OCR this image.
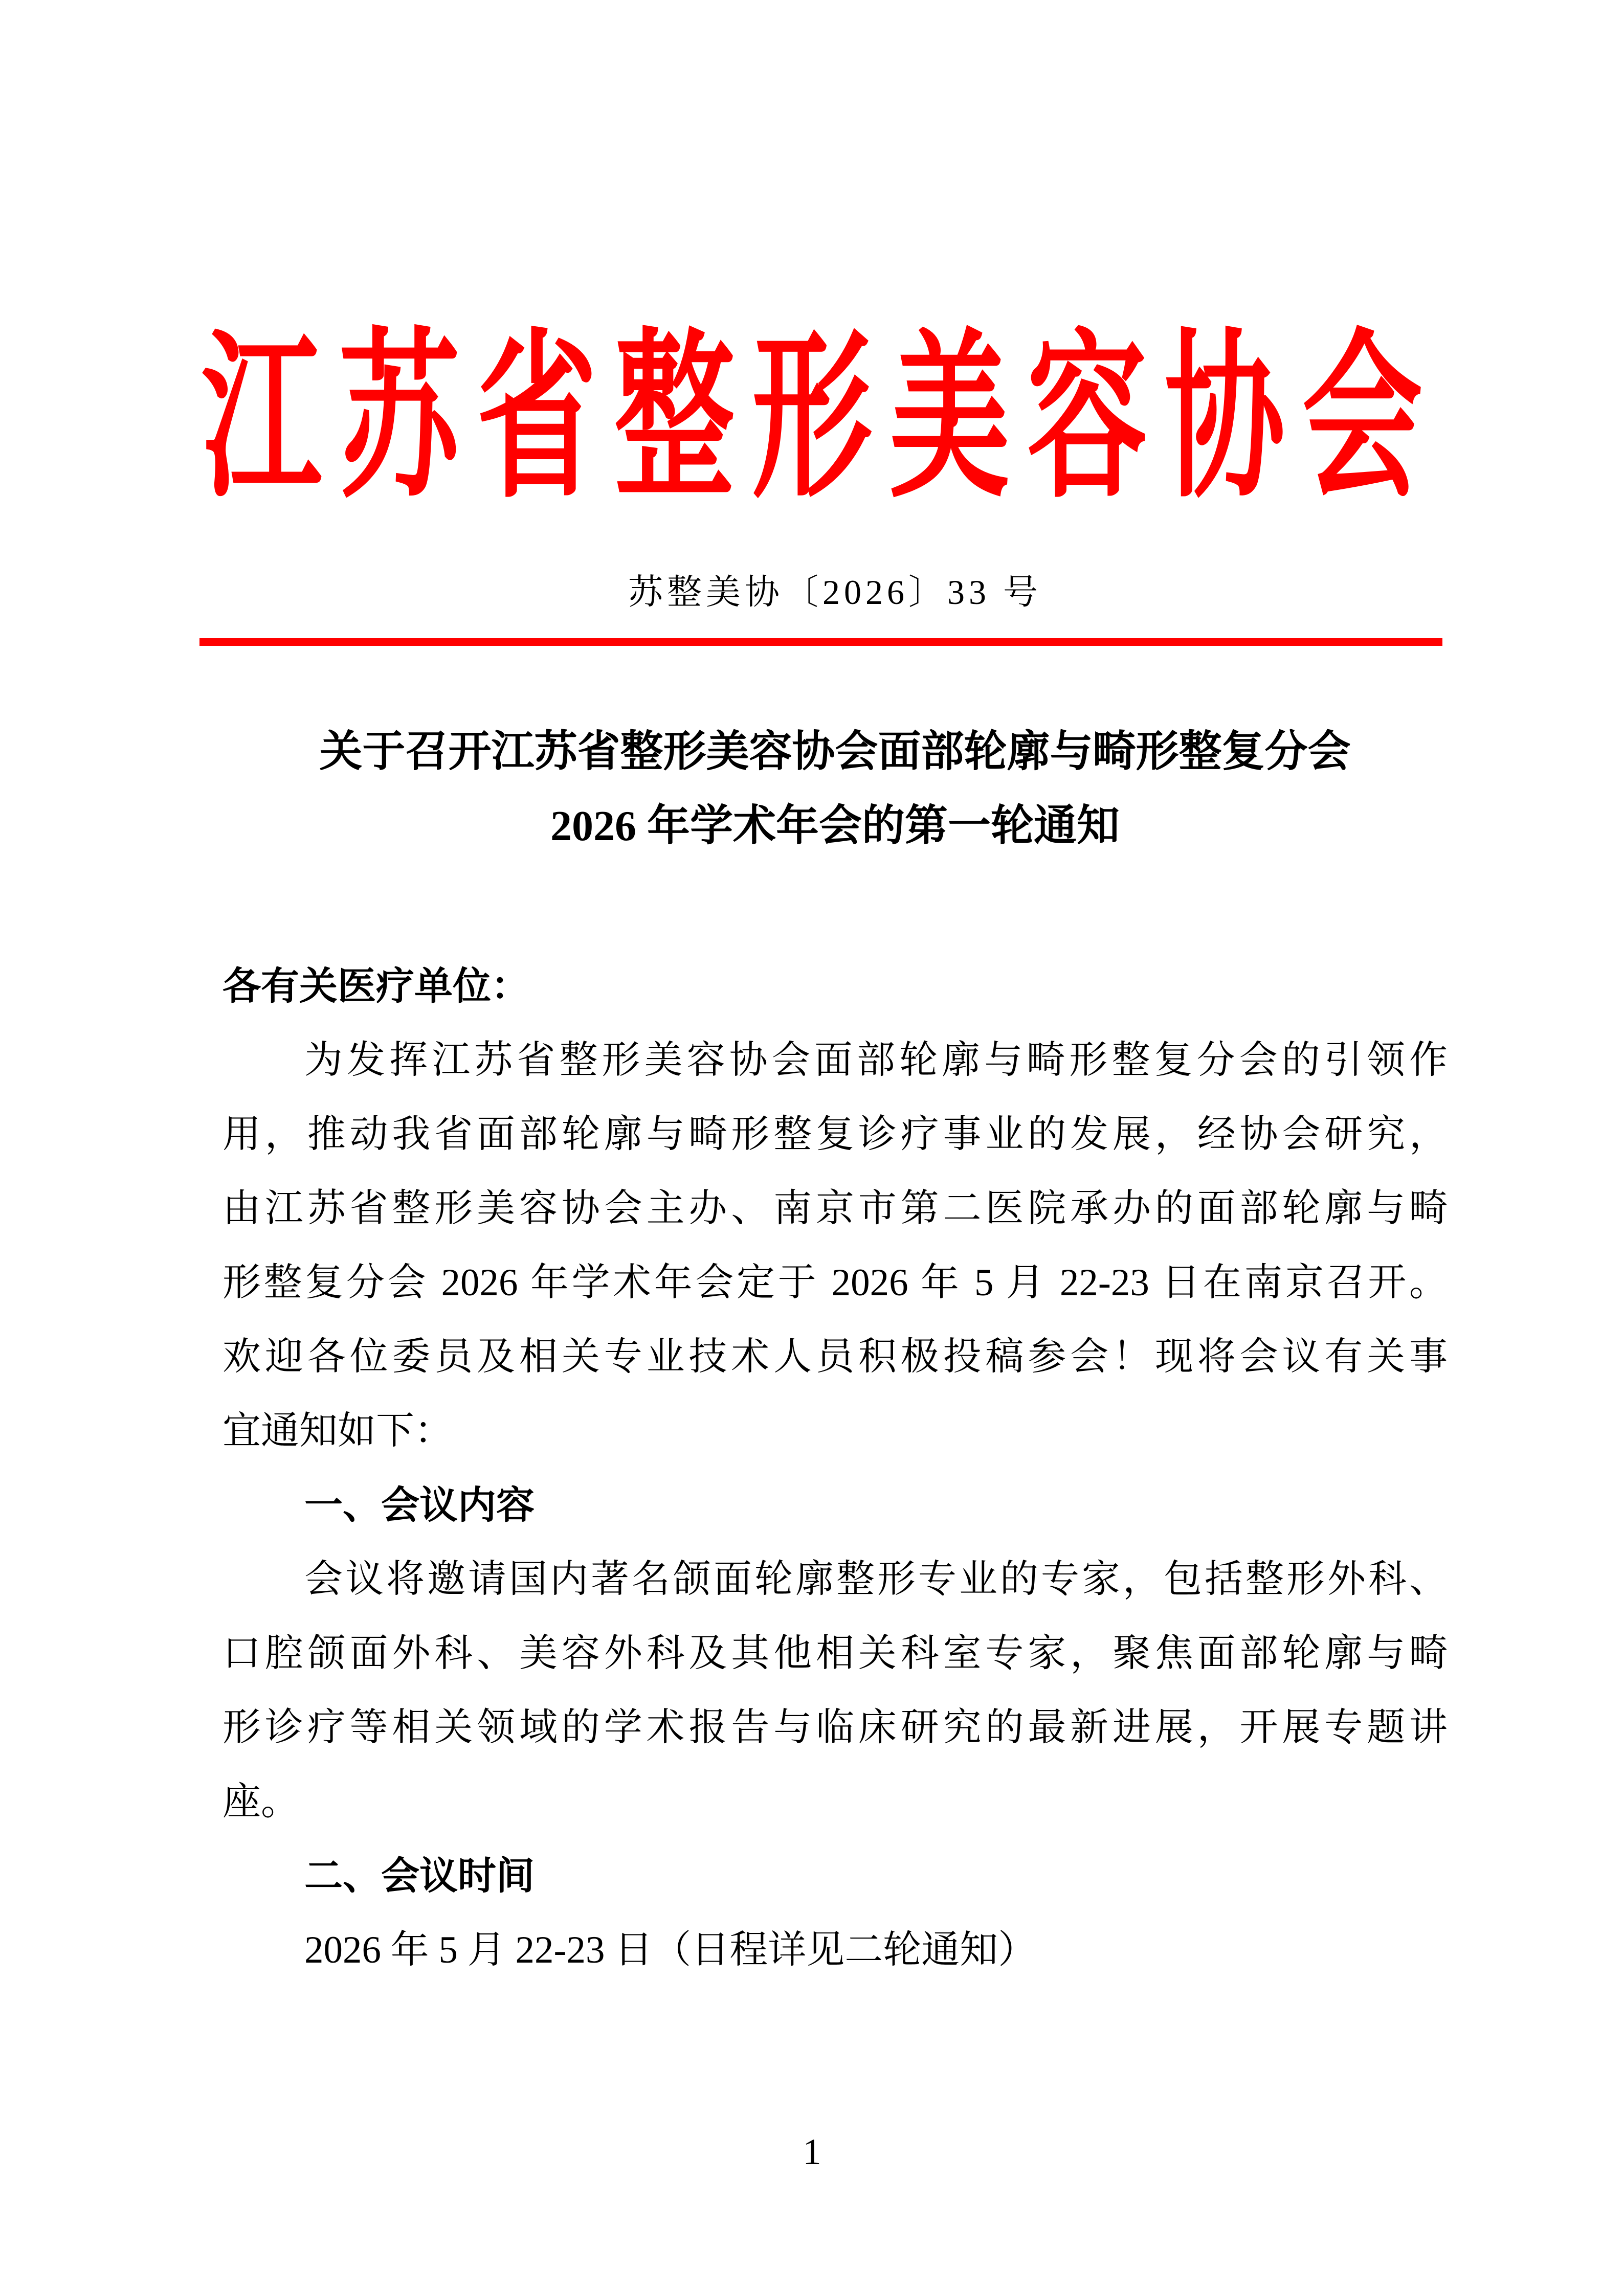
江苏省整形美容协会
苏整美协〔2026〕33 号
关于召开江苏省整形美容协会面部轮廓与畸形整复分会
2026 年学术年会的第一轮通知
各有关医疗单位：
为发挥江苏省整形美容协会面部轮廓与畸形整复分会的引领作
用，推动我省面部轮廓与畸形整复诊疗事业的发展，经协会研究，
由江苏省整形美容协会主办、南京市第二医院承办的面部轮廓与畸
形整复分会 2026 年学术年会定于 2026 年 5 月 22-23 日在南京召开。
欢迎各位委员及相关专业技术人员积极投稿参会！现将会议有关事
宜通知如下：
一、会议内容
会议将邀请国内著名颌面轮廓整形专业的专家，包括整形外科、
口腔颌面外科、美容外科及其他相关科室专家，聚焦面部轮廓与畸
形诊疗等相关领域的学术报告与临床研究的最新进展，开展专题讲
座。
二、会议时间
2026 年 5 月 22-23 日（日程详见二轮通知）
1
